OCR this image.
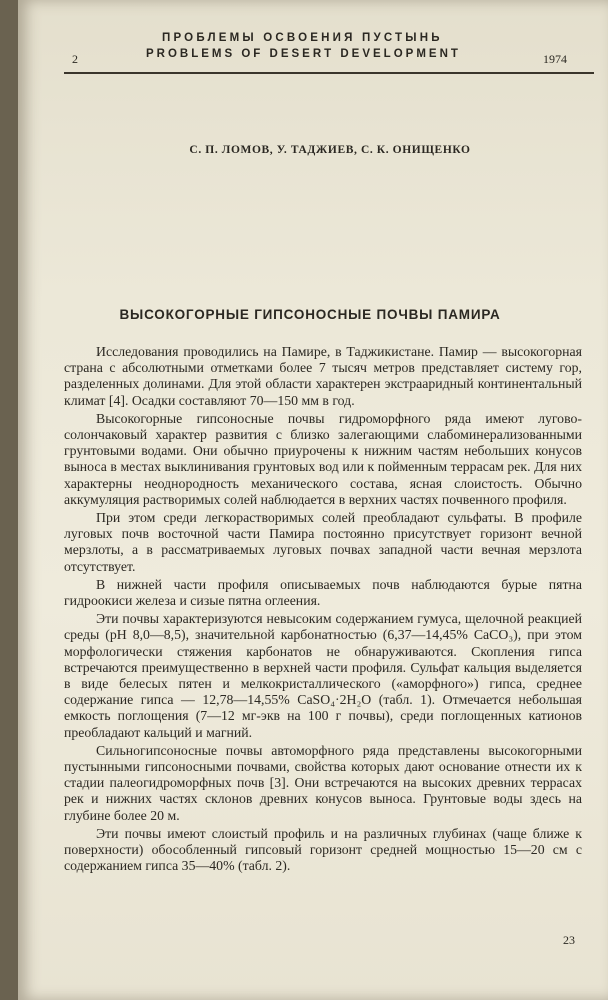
2
ПРОБЛЕМЫ ОСВОЕНИЯ ПУСТЫНЬ
PROBLEMS OF DESERT DEVELOPMENT	1974
С. П. ЛОМОВ, У. ТАДЖИЕВ, С. К. ОНИЩЕНКО
ВЫСОКОГОРНЫЕ ГИПСОНОСНЫЕ ПОЧВЫ ПАМИРА

Исследования проводились на Памире, в Таджикистане. Памир — высокогорная страна с абсолютными отметками более 7 тысяч метров представляет систему гор, разделенных долинами. Для этой области характерен экстрааридный континентальный климат [4]. Осадки составляют 70—150 мм в год.

Высокогорные гипсоносные почвы гидроморфного ряда имеют лугово-солончаковый характер развития с близко залегающими слабоминерализованными грунтовыми водами. Они обычно приурочены к нижним частям небольших конусов выноса в местах выклинивания грунтовых вод или к пойменным террасам рек. Для них характерны неоднородность механического состава, ясная слоистость. Обычно аккумуляция растворимых солей наблюдается в верхних частях почвенного профиля.

При этом среди легкорастворимых солей преобладают сульфаты. В профиле луговых почв восточной части Памира постоянно присутствует горизонт вечной мерзлоты, а в рассматриваемых луговых почвах западной части вечная мерзлота отсутствует.

В нижней части профиля описываемых почв наблюдаются бурые пятна гидроокиси железа и сизые пятна оглеения.

Эти почвы характеризуются невысоким содержанием гумуса, щелочной реакцией среды (pH 8,0—8,5), значительной карбонатностью (6,37—14,45% CaCO₃), при этом морфологически стяжения карбонатов не обнаруживаются. Скопления гипса встречаются преимущественно в верхней части профиля. Сульфат кальция выделяется в виде белесых пятен и мелкокристаллического («аморфного») гипса, среднее содержание гипса — 12,78—14,55% CaSO₄·2H₂O (табл. 1). Отмечается небольшая емкость поглощения (7—12 мг-экв на 100 г почвы), среди поглощенных катионов преобладают кальций и магний.

Сильногипсоносные почвы автоморфного ряда представлены высокогорными пустынными гипсоносными почвами, свойства которых дают основание отнести их к стадии палеогидроморфных почв [3]. Они встречаются на высоких древних террасах рек и нижних частях склонов древних конусов выноса. Грунтовые воды здесь на глубине более 20 м.

Эти почвы имеют слоистый профиль и на различных глубинах (чаще ближе к поверхности) обособленный гипсовый горизонт средней мощностью 15—20 см с содержанием гипса 35—40% (табл. 2).

23
